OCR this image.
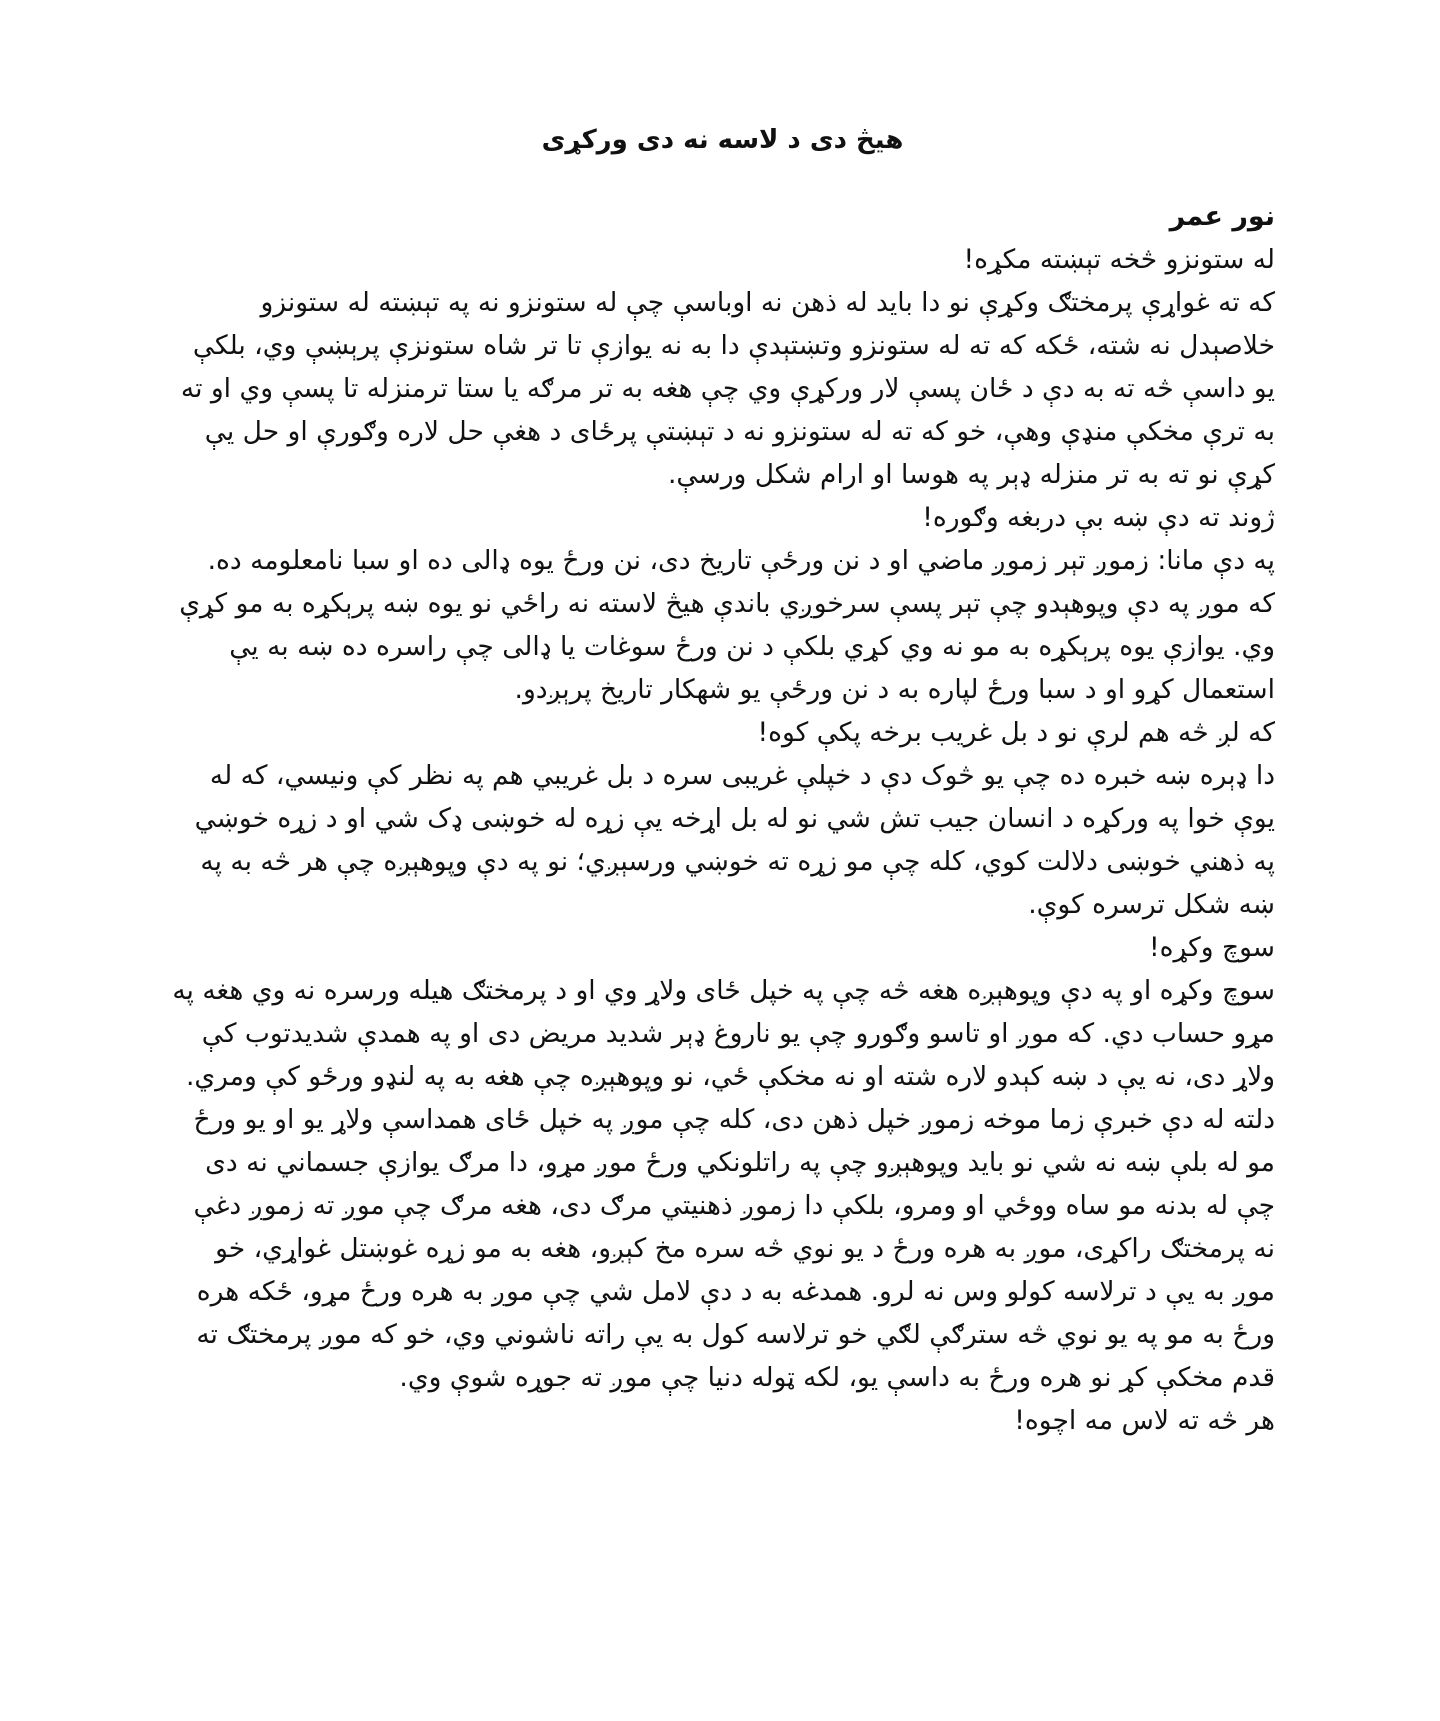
هيڅ دی د لاسه نه دی ورکړی

نور عمر

له ستونزو څخه تېښته مکړه!

که ته غواړې پرمختګ وکړې نو دا باید له ذهن نه اوباسې چې له ستونزو نه په تېښته له ستونزو خلاصېدل نه شته، ځکه که ته له ستونزو وتښتېدې دا به نه یوازې تا تر شاه ستونزې پرېښې وي، بلکې یو داسې څه ته به دې د ځان پسې لار ورکړې وي چې هغه به تر مرګه یا ستا ترمنزله تا پسې وي او ته به ترې مخکې منډې وهې، خو که ته له ستونزو نه د تېښتې پرځای د هغې حل لاره وګورې او حل یې کړې نو ته به تر منزله ډېر په هوسا او ارام شکل ورسې.

ژوند ته دې ښه بې دربغه وګوره!

په دې مانا: زموږ تېر زموږ ماضي او د نن ورځې تاریخ دی، نن ورځ یوه ډالی ده او سبا نامعلومه ده.

که موږ په دې وپوهېدو چې تېر پسې سرخوږي باندې هیڅ لاسته نه راځي نو یوه ښه پرېکړه به مو کړې وي. یوازې یوه پرېکړه به مو نه وي کړي بلکې د نن ورځ سوغات یا ډالی چې راسره ده ښه به یې استعمال کړو او د سبا ورځ لپاره به د نن ورځې یو شهکار تاریخ پرېږدو.

که لږ څه هم لرې نو د بل غریب برخه پکې کوه!

دا ډېره ښه خبره ده چې یو څوک دې د خپلې غریبی سره د بل غریبي هم په نظر کې ونیسي، که له یوې خوا په ورکړه د انسان جیب تش شي نو له بل اړخه یې زړه له خوښی ډک شي او د زړه خوښي په ذهني خوښی دلالت کوي، کله چې مو زړه ته خوښي ورسېږي؛ نو په دې وپوهېږه چې هر څه به په ښه شکل ترسره کوې.

سوچ وکړه!

سوچ وکړه او په دې وپوهېږه هغه څه چې په خپل ځای ولاړ وي او د پرمختګ هیله ورسره نه وي هغه په مړو حساب دي. که موږ او تاسو وګورو چې یو ناروغ ډېر شدید مریض دی او په همدې شدیدتوب کې ولاړ دی، نه یې د ښه کېدو لاره شته او نه مخکې ځي، نو وپوهېږه چې هغه به په لنډو ورځو کې ومري. دلته له دې خبرې زما موخه زموږ خپل ذهن دی، کله چې موږ په خپل ځای همداسې ولاړ یو او یو ورځ مو له بلې ښه نه شي نو باید وپوهېږو چې په راتلونکي ورځ موږ مړو، دا مرګ یوازې جسماني نه دی چې له بدنه مو ساه ووځي او ومرو، بلکې دا زموږ ذهنیتي مرګ دی، هغه مرګ چې موږ ته زموږ دغې نه پرمختګ راکړی، موږ به هره ورځ د یو نوي څه سره مخ کېږو، هغه به مو زړه غوښتل غواړي، خو موږ به یې د ترلاسه کولو وس نه لرو. همدغه به د دې لامل شي چې موږ به هره ورځ مړو، ځکه هره ورځ به مو په یو نوي څه سترګې لګي خو ترلاسه کول به یې راته ناشوني وي، خو که موږ پرمختګ ته قدم مخکې کړ نو هره ورځ به داسې یو، لکه ټوله دنیا چې موږ ته جوړه شوې وي.

هر څه ته لاس مه اچوه!
